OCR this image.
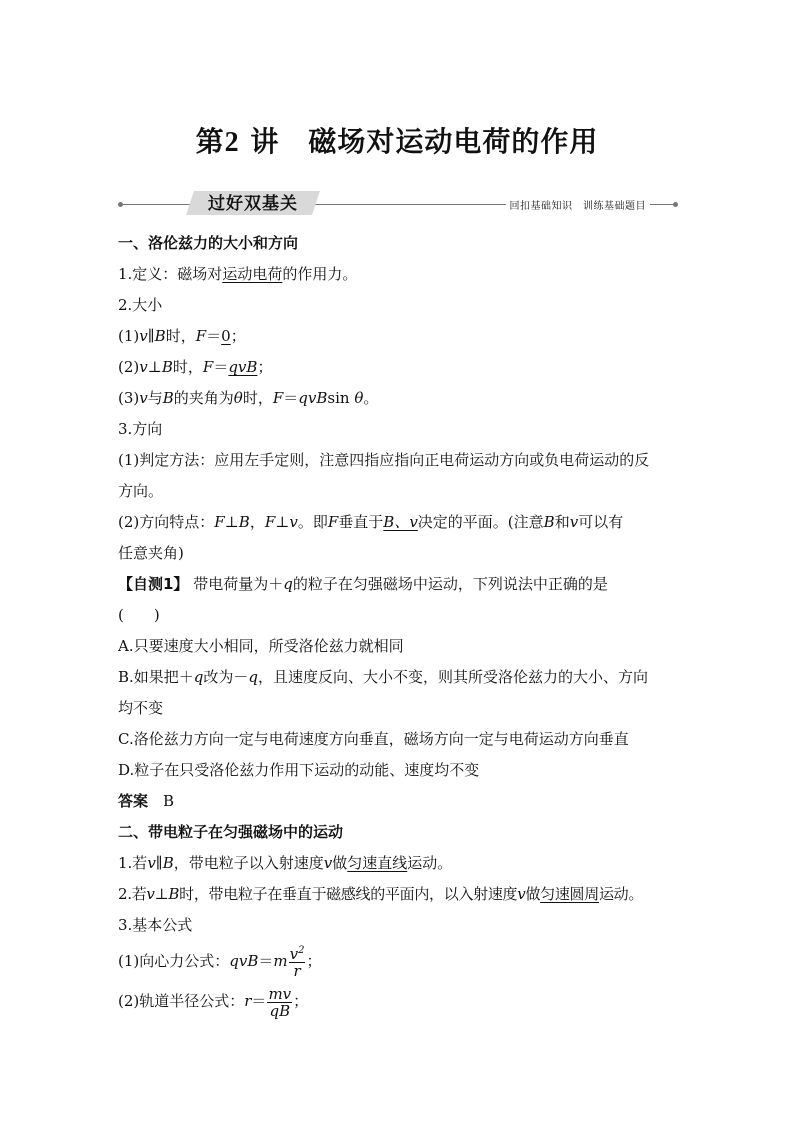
第2 讲　磁场对运动电荷的作用
过好双基关	回扣基础知识　训练基础题目
一、洛伦兹力的大小和方向
1.定义：磁场对运动电荷的作用力。
2.大小
(1)v∥B时，F＝0；
(2)v⊥B时，F＝qvB；
(3)v与B的夹角为θ时，F＝qvBsin θ。
3.方向
(1)判定方法：应用左手定则，注意四指应指向正电荷运动方向或负电荷运动的反
方向。
(2)方向特点：F⊥B，F⊥v。即F垂直于B、v决定的平面。(注意B和v可以有
任意夹角)
【自测1】 带电荷量为＋q的粒子在匀强磁场中运动，下列说法中正确的是
(　　)
A.只要速度大小相同，所受洛伦兹力就相同
B.如果把＋q改为－q，且速度反向、大小不变，则其所受洛伦兹力的大小、方向
均不变
C.洛伦兹力方向一定与电荷速度方向垂直，磁场方向一定与电荷运动方向垂直
D.粒子在只受洛伦兹力作用下运动的动能、速度均不变
答案　 B
二、带电粒子在匀强磁场中的运动
1.若v∥B，带电粒子以入射速度v做匀速直线运动。
2.若v⊥B时，带电粒子在垂直于磁感线的平面内，以入射速度v做匀速圆周运动。
3.基本公式
(1)向心力公式：$qvB=m \frac{v^2}{r}$ ；
(2)轨道半径公式：$r= \frac{mv}{qB}$ ；
